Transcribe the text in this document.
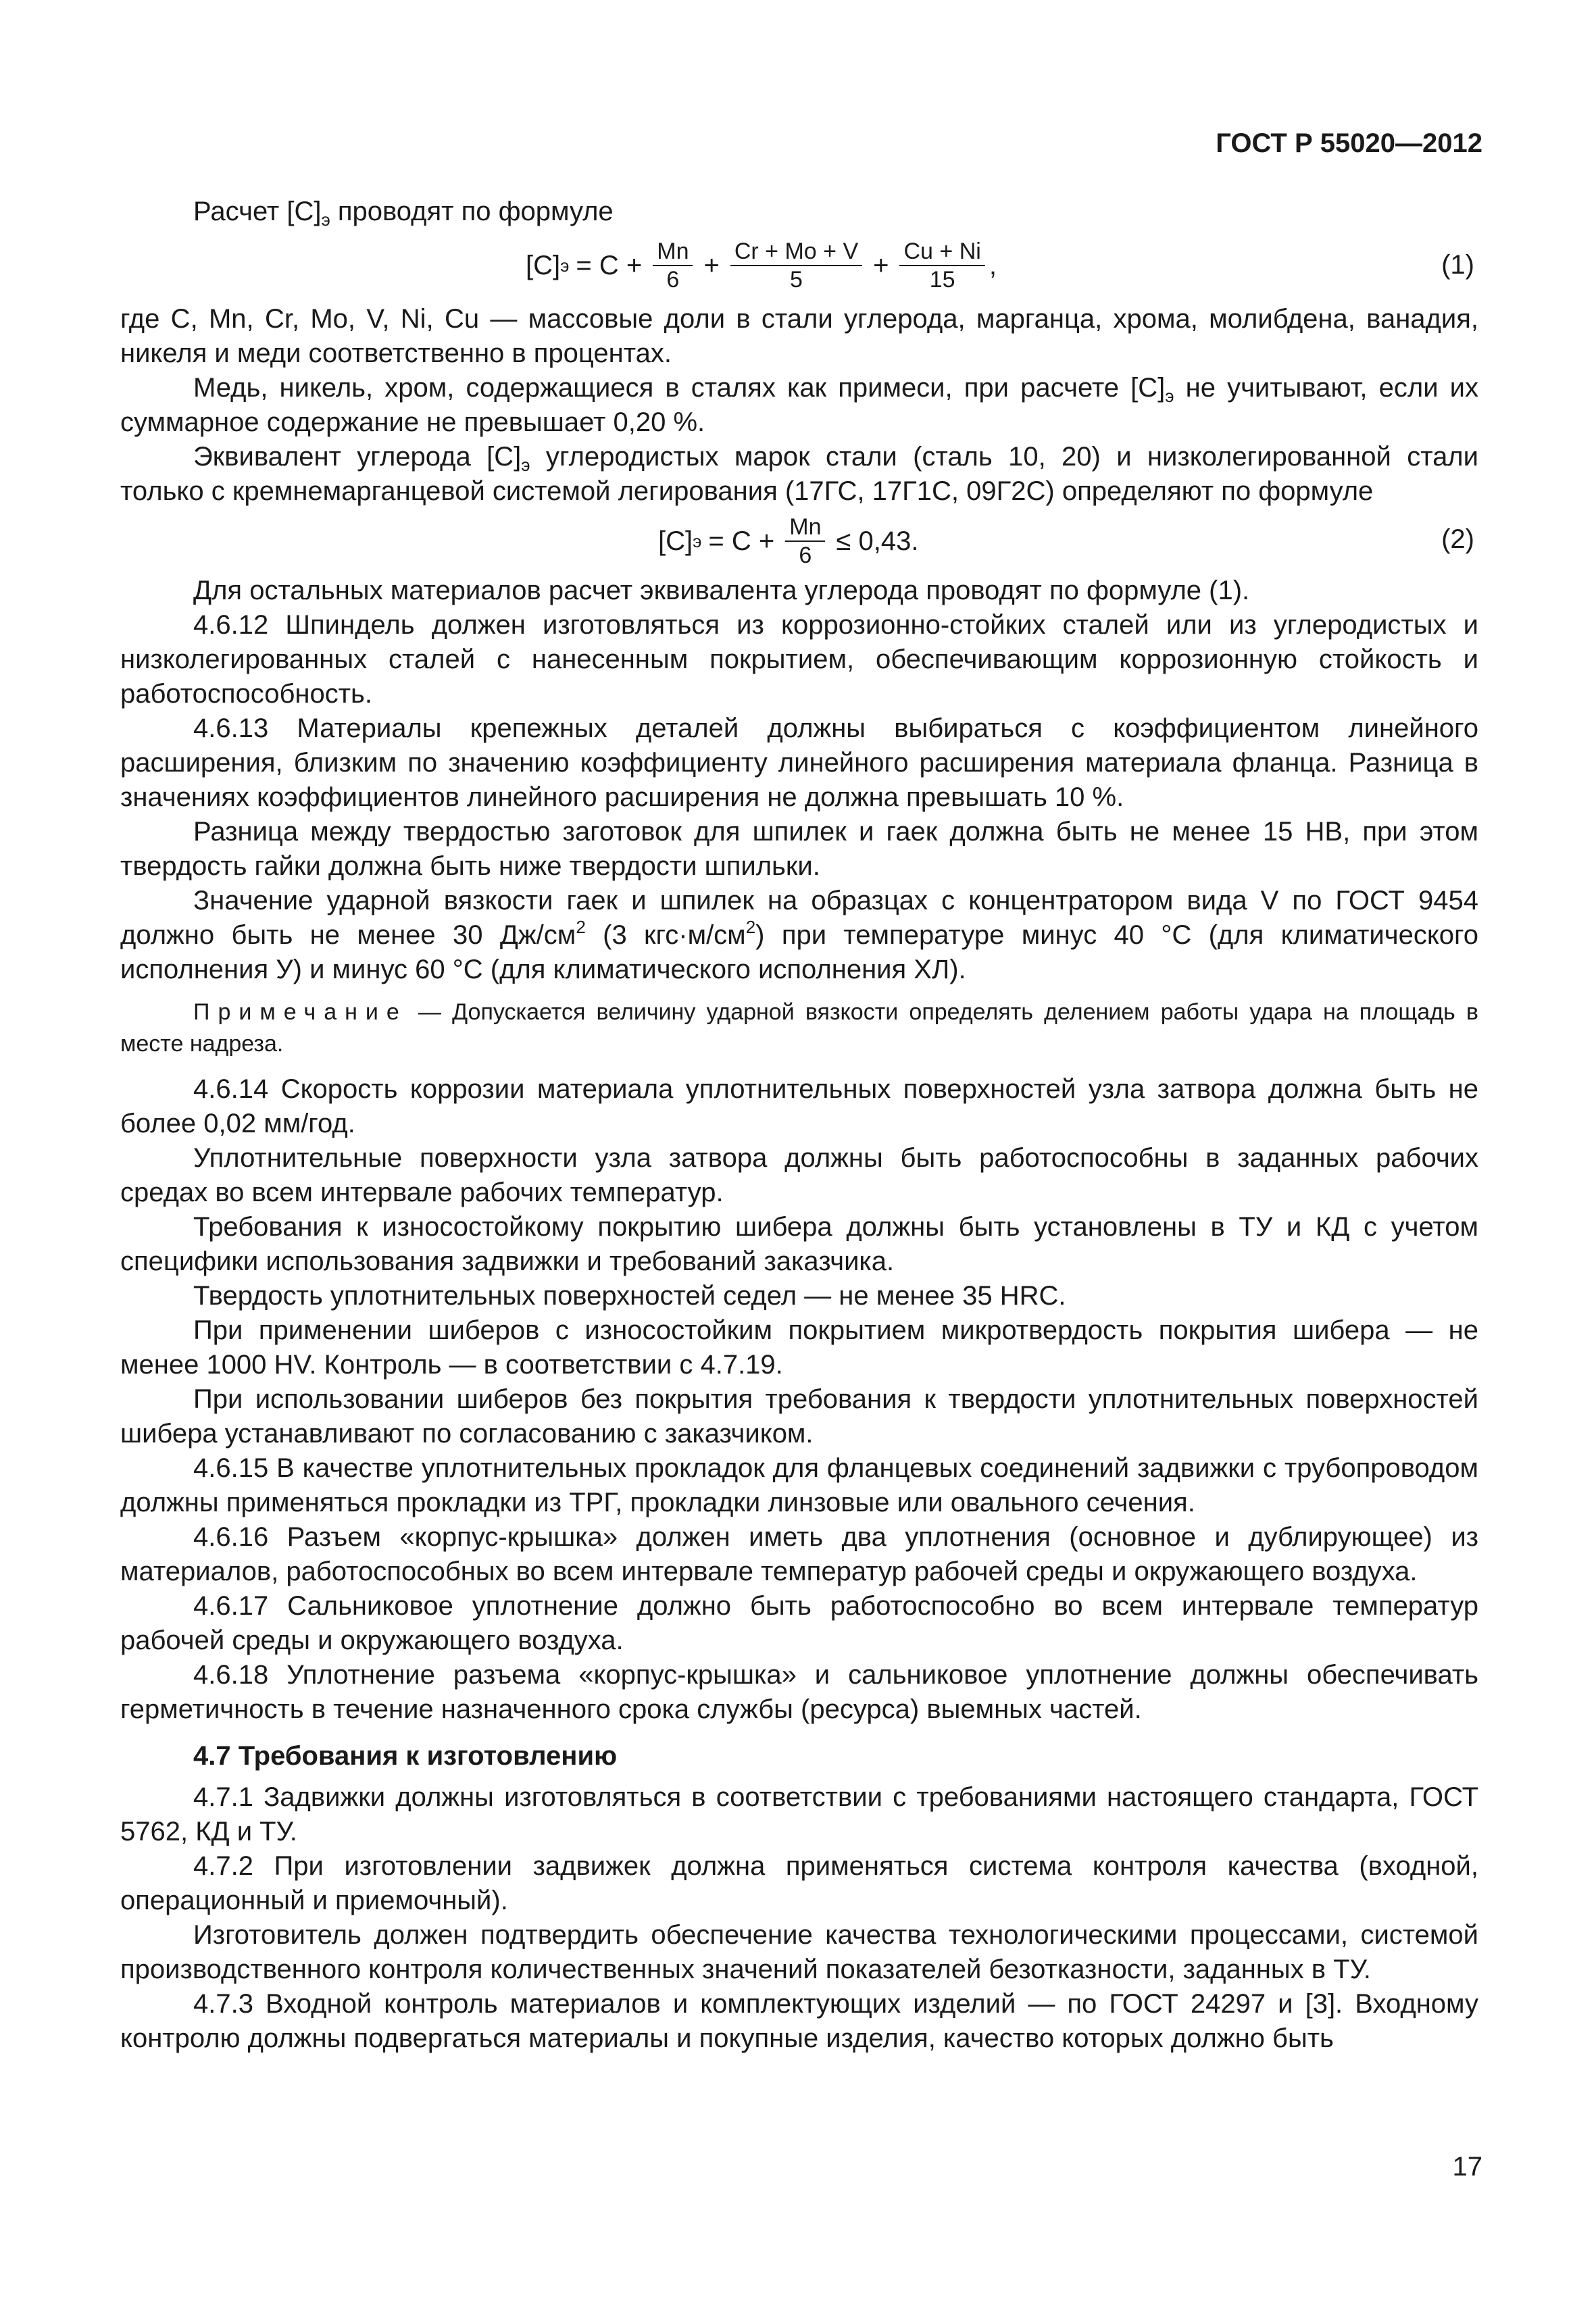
ГОСТ Р 55020—2012

Расчет $[C]_э$ проводят по формуле

[C] $э = C + \frac{Mn}{6} + \frac{Cr + Mo + V}{5} + \frac{Cu + Ni}{15}$ ,	(1)

где C, Mn, Cr, Mo, V, Ni, Cu — массовые доли в стали углерода, марганца, хрома, молибдена, ванадия, никеля и меди соответственно в процентах.

Медь, никель, хром, содержащиеся в сталях как примеси, при расчете $[C]_э$ не учитывают, если их суммарное содержание не превышает 0,20 %.

Эквивалент углерода $[C]_э$ углеродистых марок стали (сталь 10, 20) и низколегированной стали только с кремнемарганцевой системой легирования (17ГС, 17Г1С, 09Г2С) определяют по формуле

[C] $э = C + \frac{Mn}{6} \le 0,43$.	(2)

Для остальных материалов расчет эквивалента углерода проводят по формуле (1).

4.6.12 Шпиндель должен изготовляться из коррозионно-стойких сталей или из углеродистых и низколегированных сталей с нанесенным покрытием, обеспечивающим коррозионную стойкость и работоспособность.

4.6.13 Материалы крепежных деталей должны выбираться с коэффициентом линейного расширения, близким по значению коэффициенту линейного расширения материала фланца. Разница в значениях коэффициентов линейного расширения не должна превышать 10 %.

Разница между твердостью заготовок для шпилек и гаек должна быть не менее 15 НВ, при этом твердость гайки должна быть ниже твердости шпильки.

Значение ударной вязкости гаек и шпилек на образцах с концентратором вида V по ГОСТ 9454 должно быть не менее 30 $Дж/см^2$ (3 $кгс\cdot м/см^2$) при температуре минус 40 °С (для климатического исполнения У) и минус 60 °С (для климатического исполнения ХЛ).

Примечание — Допускается величину ударной вязкости определять делением работы удара на площадь в месте надреза.

4.6.14 Скорость коррозии материала уплотнительных поверхностей узла затвора должна быть не более 0,02 мм/год.

Уплотнительные поверхности узла затвора должны быть работоспособны в заданных рабочих средах во всем интервале рабочих температур.

Требования к износостойкому покрытию шибера должны быть установлены в ТУ и КД с учетом специфики использования задвижки и требований заказчика.

Твердость уплотнительных поверхностей седел — не менее 35 HRC.

При применении шиберов с износостойким покрытием микротвердость покрытия шибера — не менее 1000 HV. Контроль — в соответствии с 4.7.19.

При использовании шиберов без покрытия требования к твердости уплотнительных поверхностей шибера устанавливают по согласованию с заказчиком.

4.6.15 В качестве уплотнительных прокладок для фланцевых соединений задвижки с трубопроводом должны применяться прокладки из ТРГ, прокладки линзовые или овального сечения.

4.6.16 Разъем «корпус-крышка» должен иметь два уплотнения (основное и дублирующее) из материалов, работоспособных во всем интервале температур рабочей среды и окружающего воздуха.

4.6.17 Сальниковое уплотнение должно быть работоспособно во всем интервале температур рабочей среды и окружающего воздуха.

4.6.18 Уплотнение разъема «корпус-крышка» и сальниковое уплотнение должны обеспечивать герметичность в течение назначенного срока службы (ресурса) выемных частей.

4.7 Требования к изготовлению

4.7.1 Задвижки должны изготовляться в соответствии с требованиями настоящего стандарта, ГОСТ 5762, КД и ТУ.

4.7.2 При изготовлении задвижек должна применяться система контроля качества (входной, операционный и приемочный).

Изготовитель должен подтвердить обеспечение качества технологическими процессами, системой производственного контроля количественных значений показателей безотказности, заданных в ТУ.

4.7.3 Входной контроль материалов и комплектующих изделий — по ГОСТ 24297 и [3]. Входному контролю должны подвергаться материалы и покупные изделия, качество которых должно быть

17
